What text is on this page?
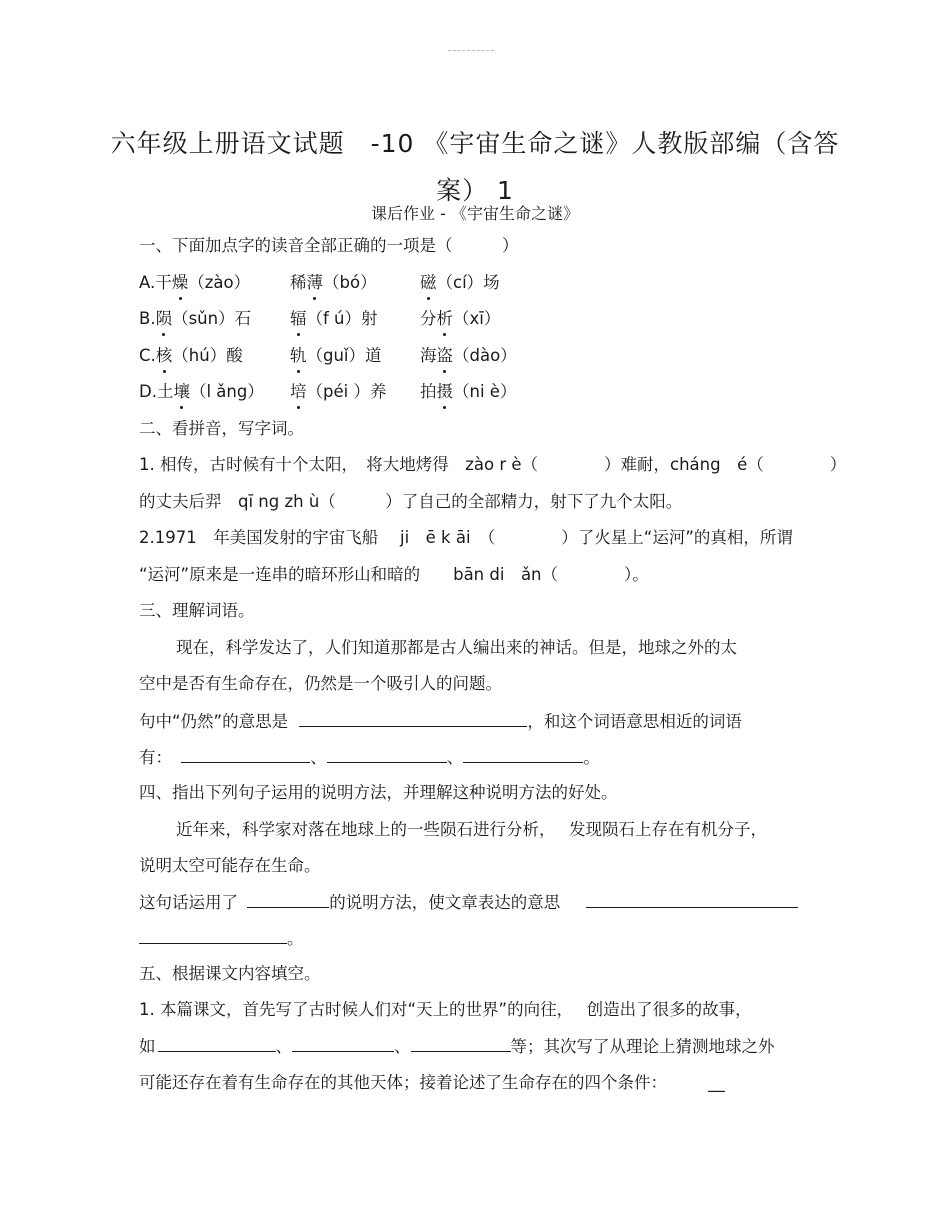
六年级上册语文试题　-10 《宇宙生命之谜》人教版部编（含答
案） 1
课后作业 - 《宇宙生命之谜》
一、下面加点字的读音全部正确的一项是（　　　）
A.干燥（zào） 稀薄（bó）	磁（cí）场
B.陨（sǔn）石 辐（f ú）射	分析（xī）
C.核（hú）酸	轨（guǐ）道 海盗（dào）
D.土壤（l ǎng） 培（péi ）养 拍摄（ni è）
二、看拼音，写字词。
1. 相传，古时候有十个太阳，　将大地烤得　zào r è（　　　　）难耐，cháng　é（　　　　）
的丈夫后羿　qī ng zh ù（　　　）了自己的全部精力，射下了九个太阳。
2.1971　年美国发射的宇宙飞船　 ji　ē k āi　（　　　　）了火星上“运河”的真相，所谓
“运河”原来是一连串的暗环形山和暗的　　bān di　ǎn（　　　　）。
三、理解词语。
现在，科学发达了，人们知道那都是古人编出来的神话。但是，地球之外的太
空中是否有生命存在，仍然是一个吸引人的问题。
句中“仍然”的意思是	，和这个词语意思相近的词语
有：	、	、	。
四、指出下列句子运用的说明方法，并理解这种说明方法的好处。
近年来，科学家对落在地球上的一些陨石进行分析，　 发现陨石上存在有机分子，
说明太空可能存在生命。
这句话运用了	的说明方法，使文章表达的意思
。
五、根据课文内容填空。
1. 本篇课文，首先写了古时候人们对“天上的世界”的向往，　 创造出了很多的故事，
如	、	、	等；其次写了从理论上猜测地球之外
可能还存在着有生命存在的其他天体；接着论述了生命存在的四个条件：　　　__
